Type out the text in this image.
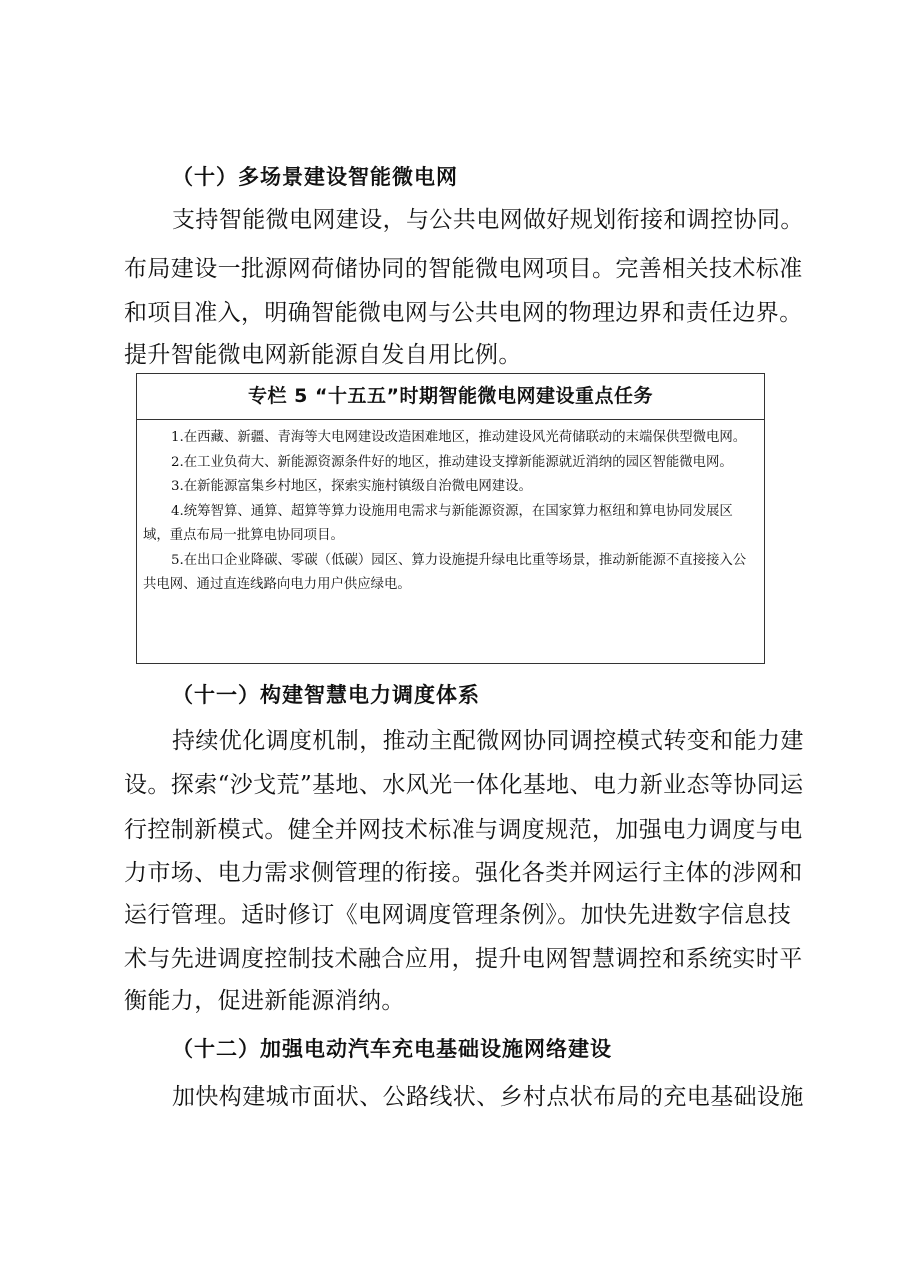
（十）多场景建设智能微电网
支持智能微电网建设，与公共电网做好规划衔接和调控协同。
布局建设一批源网荷储协同的智能微电网项目。完善相关技术标准
和项目准入，明确智能微电网与公共电网的物理边界和责任边界。
提升智能微电网新能源自发自用比例。
专栏 5 “十五五”时期智能微电网建设重点任务

1.在西藏、新疆、青海等大电网建设改造困难地区，推动建设风光荷储联动的末端保供型微电网。

2.在工业负荷大、新能源资源条件好的地区，推动建设支撑新能源就近消纳的园区智能微电网。

3.在新能源富集乡村地区，探索实施村镇级自治微电网建设。

4.统筹智算、通算、超算等算力设施用电需求与新能源资源，在国家算力枢纽和算电协同发展区域，重点布局一批算电协同项目。

5.在出口企业降碳、零碳（低碳）园区、算力设施提升绿电比重等场景，推动新能源不直接接入公共电网、通过直连线路向电力用户供应绿电。

（十一）构建智慧电力调度体系
持续优化调度机制，推动主配微网协同调控模式转变和能力建
设。探索“沙戈荒”基地、水风光一体化基地、电力新业态等协同运
行控制新模式。健全并网技术标准与调度规范，加强电力调度与电
力市场、电力需求侧管理的衔接。强化各类并网运行主体的涉网和
运行管理。适时修订《电网调度管理条例》。加快先进数字信息技
术与先进调度控制技术融合应用，提升电网智慧调控和系统实时平
衡能力，促进新能源消纳。
（十二）加强电动汽车充电基础设施网络建设
加快构建城市面状、公路线状、乡村点状布局的充电基础设施
